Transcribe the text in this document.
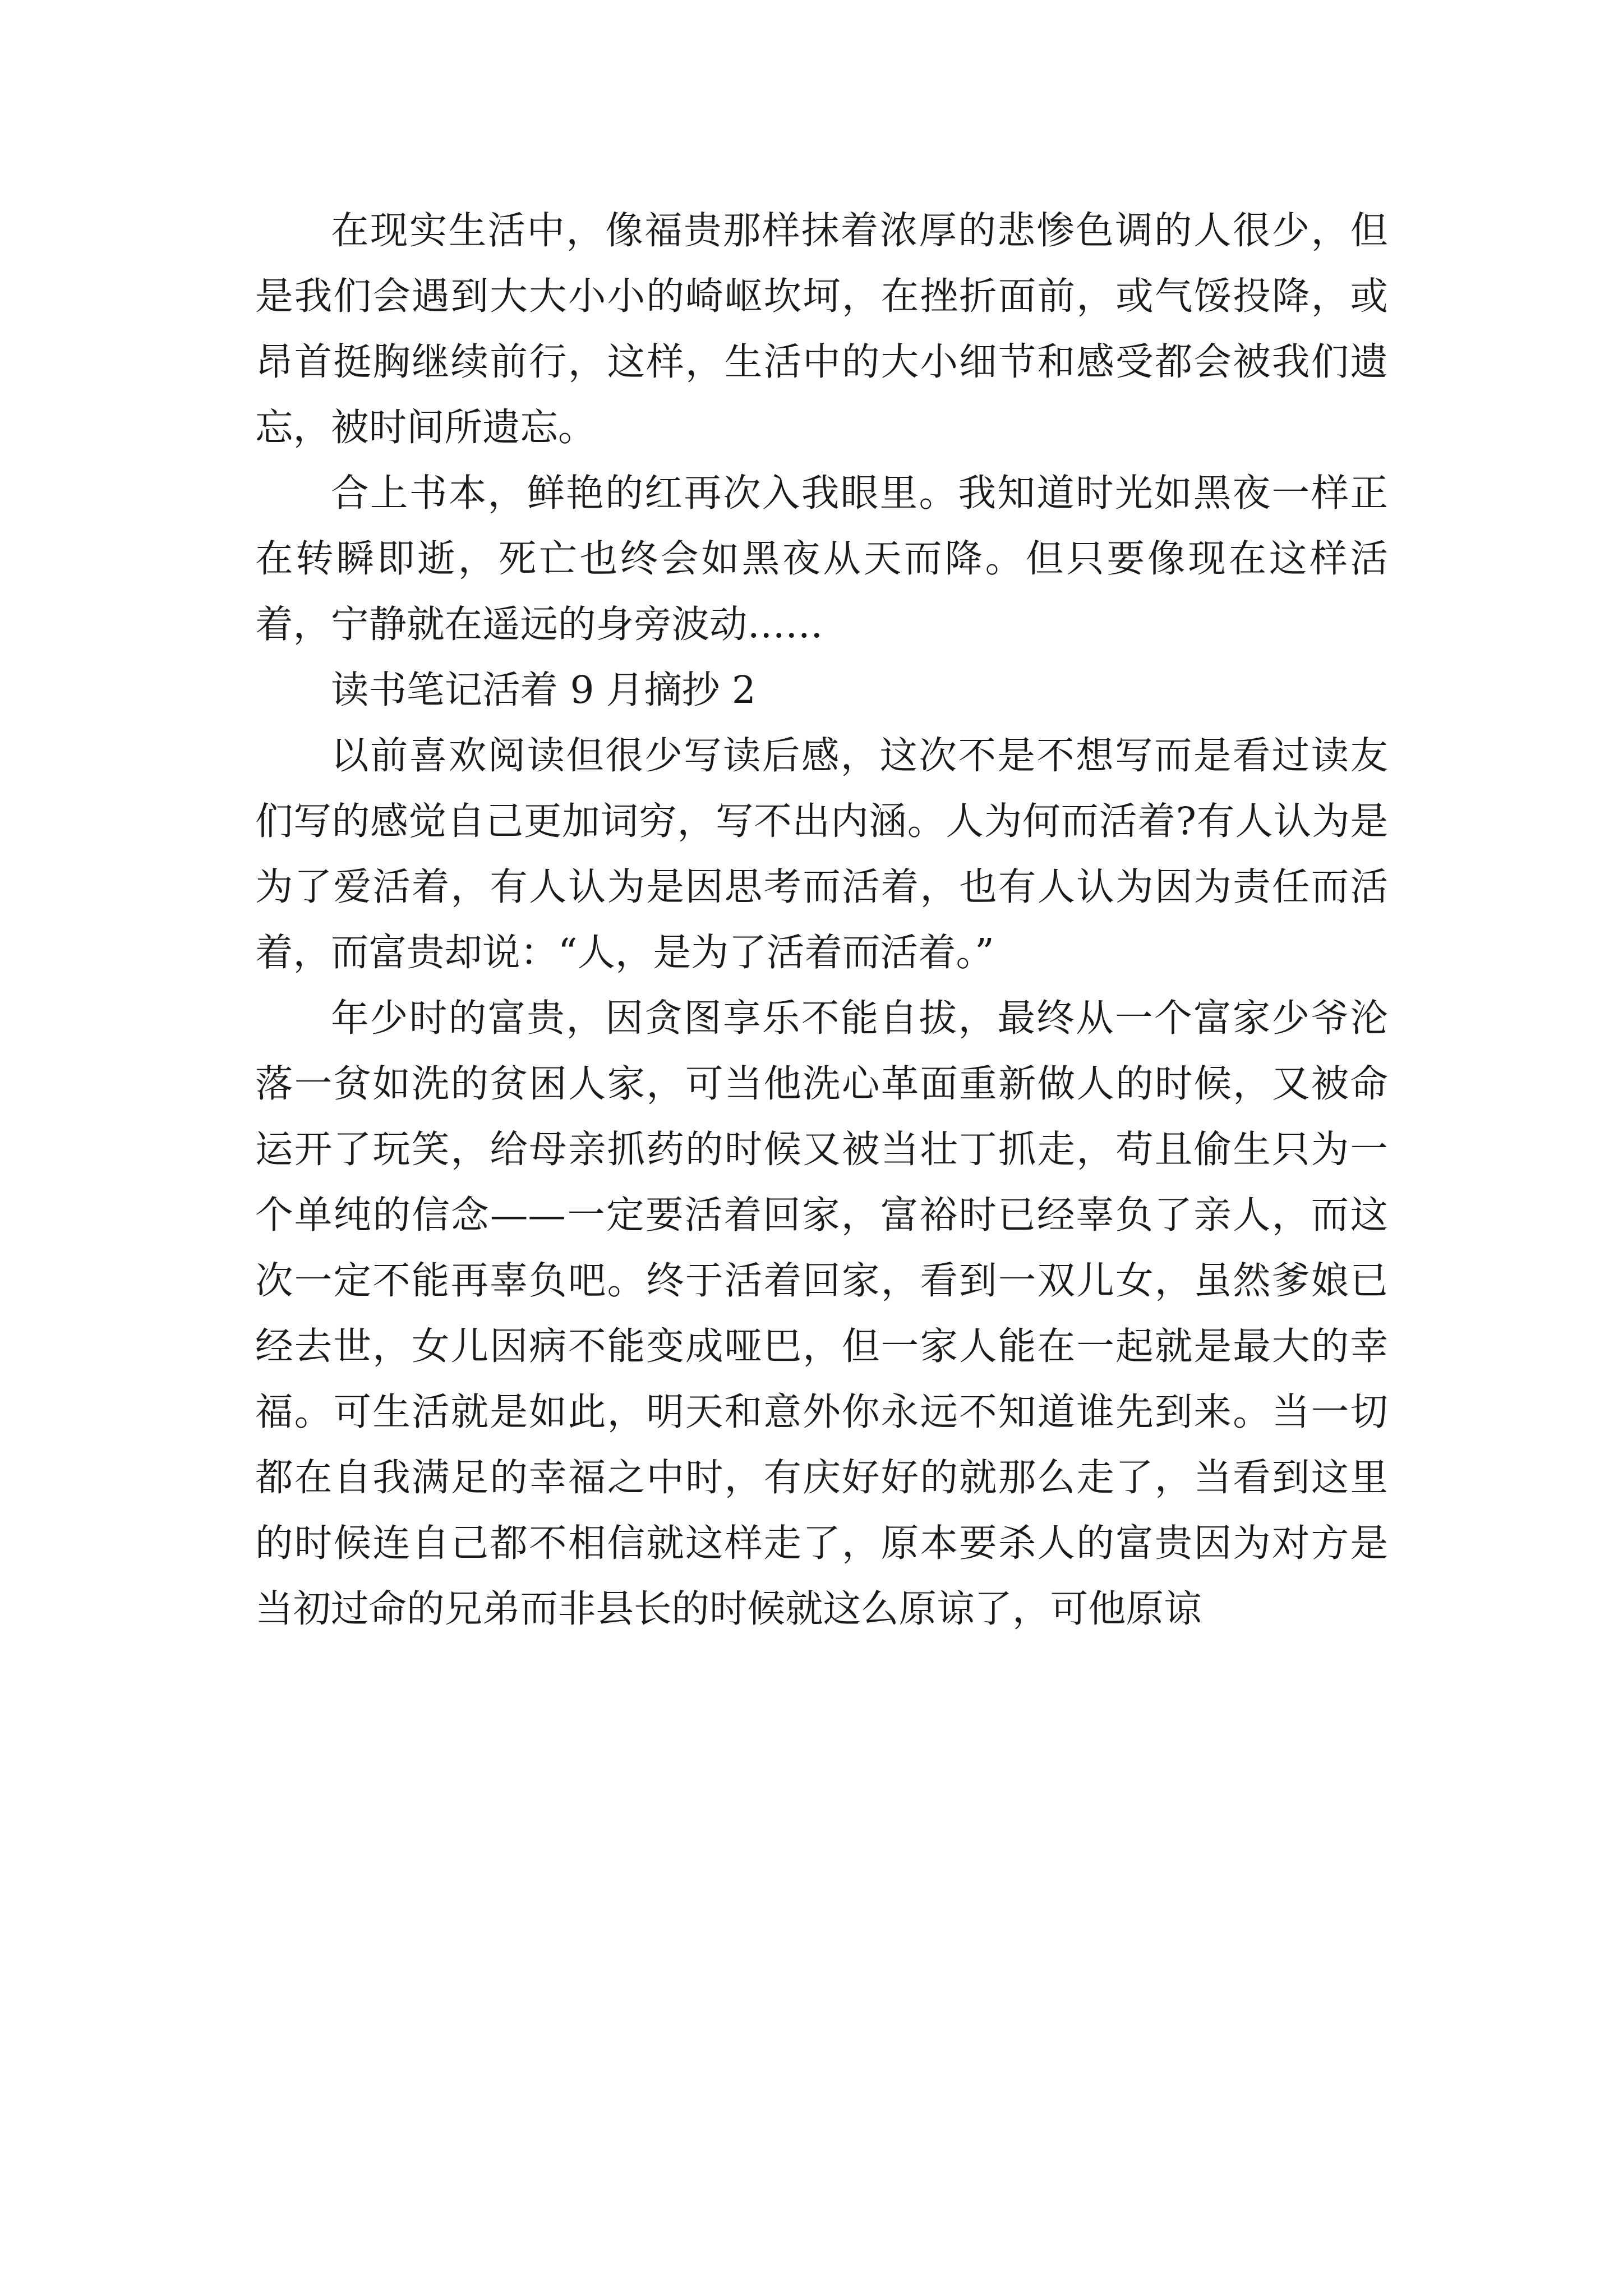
在现实生活中，像福贵那样抹着浓厚的悲惨色调的人很少，但是我们会遇到大大小小的崎岖坎坷，在挫折面前，或气馁投降，或昂首挺胸继续前行，这样，生活中的大小细节和感受都会被我们遗忘，被时间所遗忘。

合上书本，鲜艳的红再次入我眼里。我知道时光如黑夜一样正在转瞬即逝，死亡也终会如黑夜从天而降。但只要像现在这样活着，宁静就在遥远的身旁波动……

读书笔记活着 9 月摘抄 2

以前喜欢阅读但很少写读后感，这次不是不想写而是看过读友们写的感觉自己更加词穷，写不出内涵。人为何而活着?有人认为是为了爱活着，有人认为是因思考而活着，也有人认为因为责任而活着，而富贵却说：“人，是为了活着而活着。”

年少时的富贵，因贪图享乐不能自拔，最终从一个富家少爷沦落一贫如洗的贫困人家，可当他洗心革面重新做人的时候，又被命运开了玩笑，给母亲抓药的时候又被当壮丁抓走，苟且偷生只为一个单纯的信念——一定要活着回家，富裕时已经辜负了亲人，而这次一定不能再辜负吧。终于活着回家，看到一双儿女，虽然爹娘已经去世，女儿因病不能变成哑巴，但一家人能在一起就是最大的幸福。可生活就是如此，明天和意外你永远不知道谁先到来。当一切都在自我满足的幸福之中时，有庆好好的就那么走了，当看到这里的时候连自己都不相信就这样走了，原本要杀人的富贵因为对方是当初过命的兄弟而非县长的时候就这么原谅了，可他原谅
